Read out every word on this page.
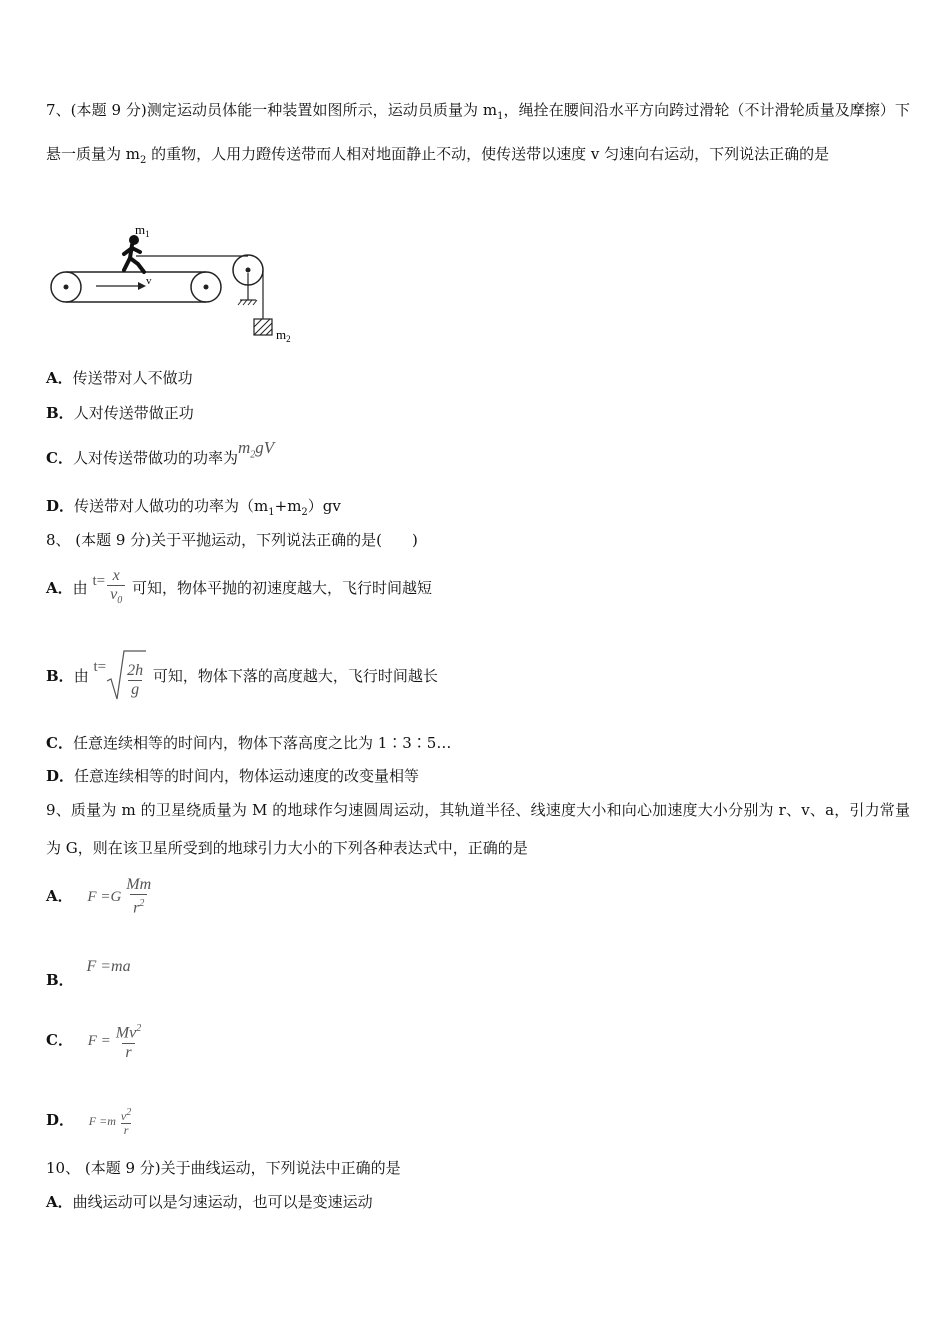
7、(本题 9 分)测定运动员体能一种装置如图所示，运动员质量为 $m_1$，绳拴在腰间沿水平方向跨过滑轮（不计滑轮质量及摩擦）下悬一质量为 $m_2$ 的重物，人用力蹬传送带而人相对地面静止不动，使传送带以速度 v 匀速向右运动，下列说法正确的是
v
$m_1$
$m_2$
A．传送带对人不做功
B．人对传送带做正功
C．人对传送带做功的功率为$m_2gV$
D．传送带对人做功的功率为$(m_1+m_2)gv$
8、 (本题 9 分)关于平抛运动，下列说法正确的是(　　)
A．由 $t= \frac{x}{v_0}$ 可知，物体平抛的初速度越大，飞行时间越短
B．由 $t= \frac{2h}{g}$ 可知，物体下落的高度越大，飞行时间越长
C．任意连续相等的时间内，物体下落高度之比为 1∶3∶5…
D．任意连续相等的时间内，物体运动速度的改变量相等
9、质量为 m 的卫星绕质量为 M 的地球作匀速圆周运动，其轨道半径、线速度大小和向心加速度大小分别为 r、v、a，引力常量为 G，则在该卫星所受到的地球引力大小的下列各种表达式中，正确的是
A． $F =G \frac{Mm}{r^2}$
B． F =ma
C． $F = \frac{Mv^2}{r}$
D． $F =m \frac{v^2}{r}$
10、 (本题 9 分)关于曲线运动，下列说法中正确的是
A．曲线运动可以是匀速运动，也可以是变速运动
